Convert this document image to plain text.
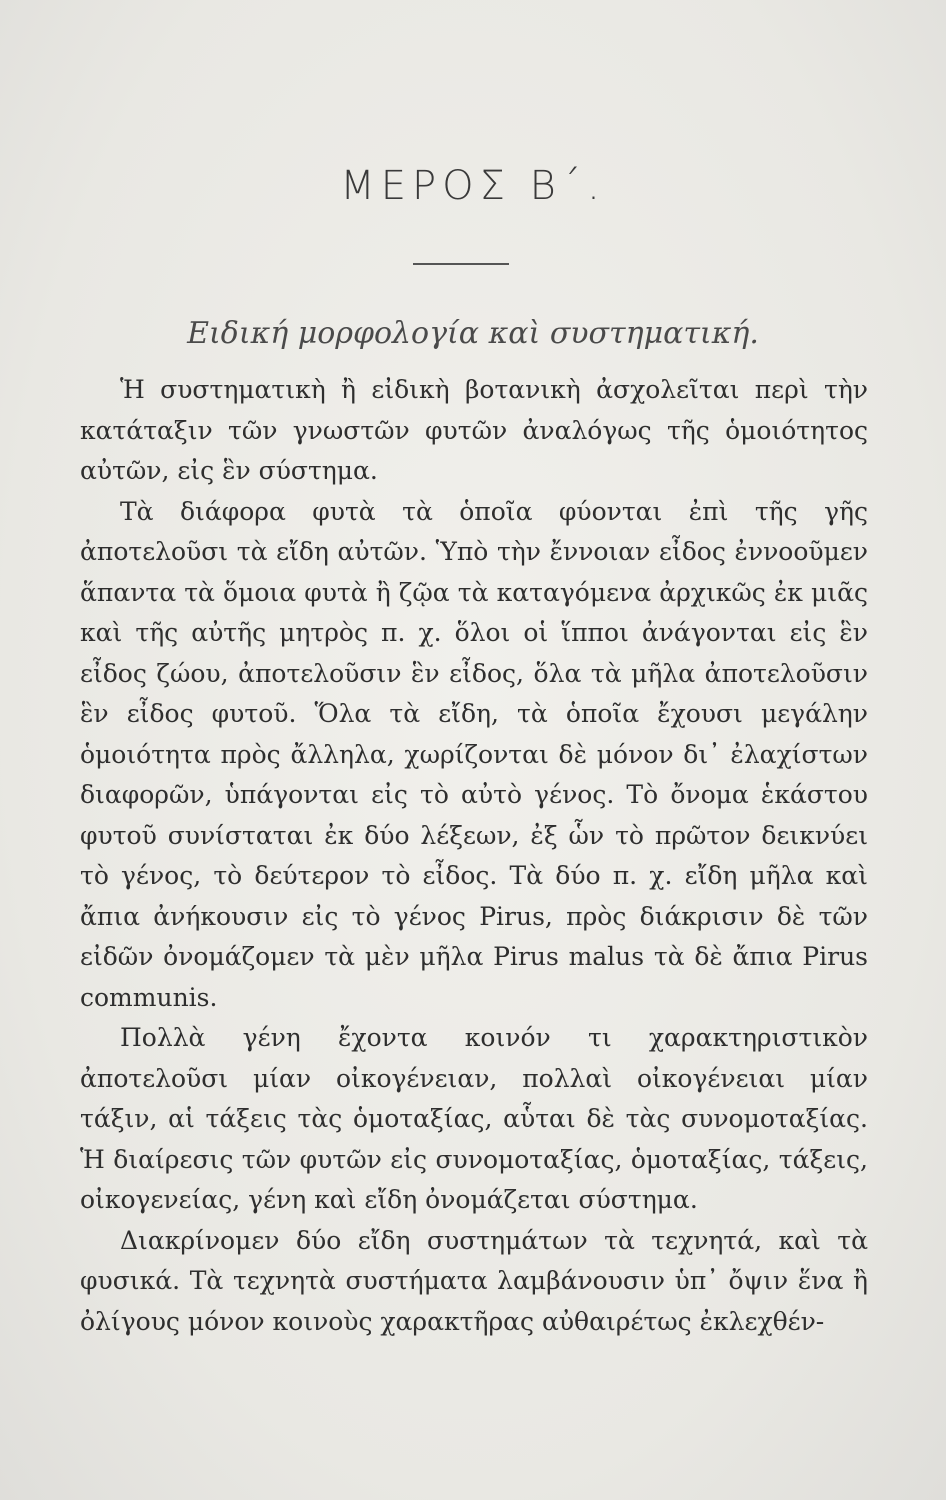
ΜΕΡΟΣ Β΄.
Ειδική μορφολογία καὶ συστηματική.

Ἡ συστηματικὴ ἢ εἰδικὴ βοτανικὴ ἀσχολεῖται περὶ τὴν κατάταξιν τῶν γνωστῶν φυτῶν ἀναλόγως τῆς ὁμοιότητος αὐτῶν, εἰς ἓν σύστημα.

Τὰ διάφορα φυτὰ τὰ ὁποῖα φύονται ἐπὶ τῆς γῆς ἀποτελοῦσι τὰ εἴδη αὐτῶν. Ὑπὸ τὴν ἔννοιαν εἶδος ἐννοοῦμεν ἅπαντα τὰ ὅμοια φυτὰ ἢ ζῷα τὰ καταγόμενα ἀρχικῶς ἐκ μιᾶς καὶ τῆς αὐτῆς μητρὸς π. χ. ὅλοι οἱ ἵπποι ἀνάγονται εἰς ἓν εἶδος ζώου, ἀποτελοῦσιν ἓν εἶδος, ὅλα τὰ μῆλα ἀποτελοῦσιν ἓν εἶδος φυτοῦ. Ὅλα τὰ εἴδη, τὰ ὁποῖα ἔχουσι μεγάλην ὁμοιότητα πρὸς ἄλληλα, χωρίζονται δὲ μόνον δι᾿ ἐλαχίστων διαφορῶν, ὑπάγονται εἰς τὸ αὐτὸ γένος. Τὸ ὄνομα ἑκάστου φυτοῦ συνίσταται ἐκ δύο λέξεων, ἐξ ὧν τὸ πρῶτον δεικνύει τὸ γένος, τὸ δεύτερον τὸ εἶδος. Τὰ δύο π. χ. εἴδη μῆλα καὶ ἄπια ἀνήκουσιν εἰς τὸ γένος Pirus, πρὸς διάκρισιν δὲ τῶν εἰδῶν ὀνομάζομεν τὰ μὲν μῆλα Pirus malus τὰ δὲ ἄπια Pirus communis.

Πολλὰ γένη ἔχοντα κοινόν τι χαρακτηριστικὸν ἀποτελοῦσι μίαν οἰκογένειαν, πολλαὶ οἰκογένειαι μίαν τάξιν, αἱ τάξεις τὰς ὁμοταξίας, αὗται δὲ τὰς συνομοταξίας. Ἡ διαίρεσις τῶν φυτῶν εἰς συνομοταξίας, ὁμοταξίας, τάξεις, οἰκογενείας, γένη καὶ εἴδη ὀνομάζεται σύστημα.

Διακρίνομεν δύο εἴδη συστημάτων τὰ τεχνητά, καὶ τὰ φυσικά. Τὰ τεχνητὰ συστήματα λαμβάνουσιν ὑπ᾿ ὄψιν ἕνα ἢ ὀλίγους μόνον κοινοὺς χαρακτῆρας αὐθαιρέτως ἐκλεχθέν-
